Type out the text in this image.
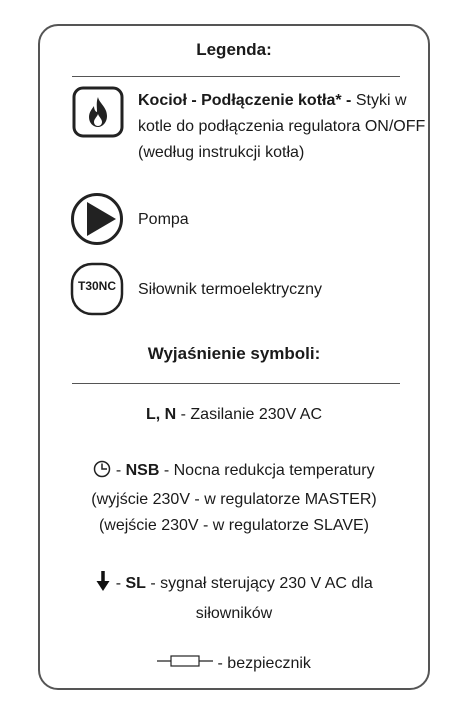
Legenda:
Kocioł - Podłączenie kotła* - Styki w
kotle do podłączenia regulatora ON/OFF
(według instrukcji kotła)
Pompa
T30NC	Siłownik termoelektryczny
Wyjaśnienie symboli:
L, N - Zasilanie 230V AC
- NSB - Nocna redukcja temperatury
(wyjście 230V - w regulatorze MASTER)
(wejście 230V - w regulatorze SLAVE)
- SL - sygnał sterujący 230 V AC dla
siłowników
- bezpiecznik
